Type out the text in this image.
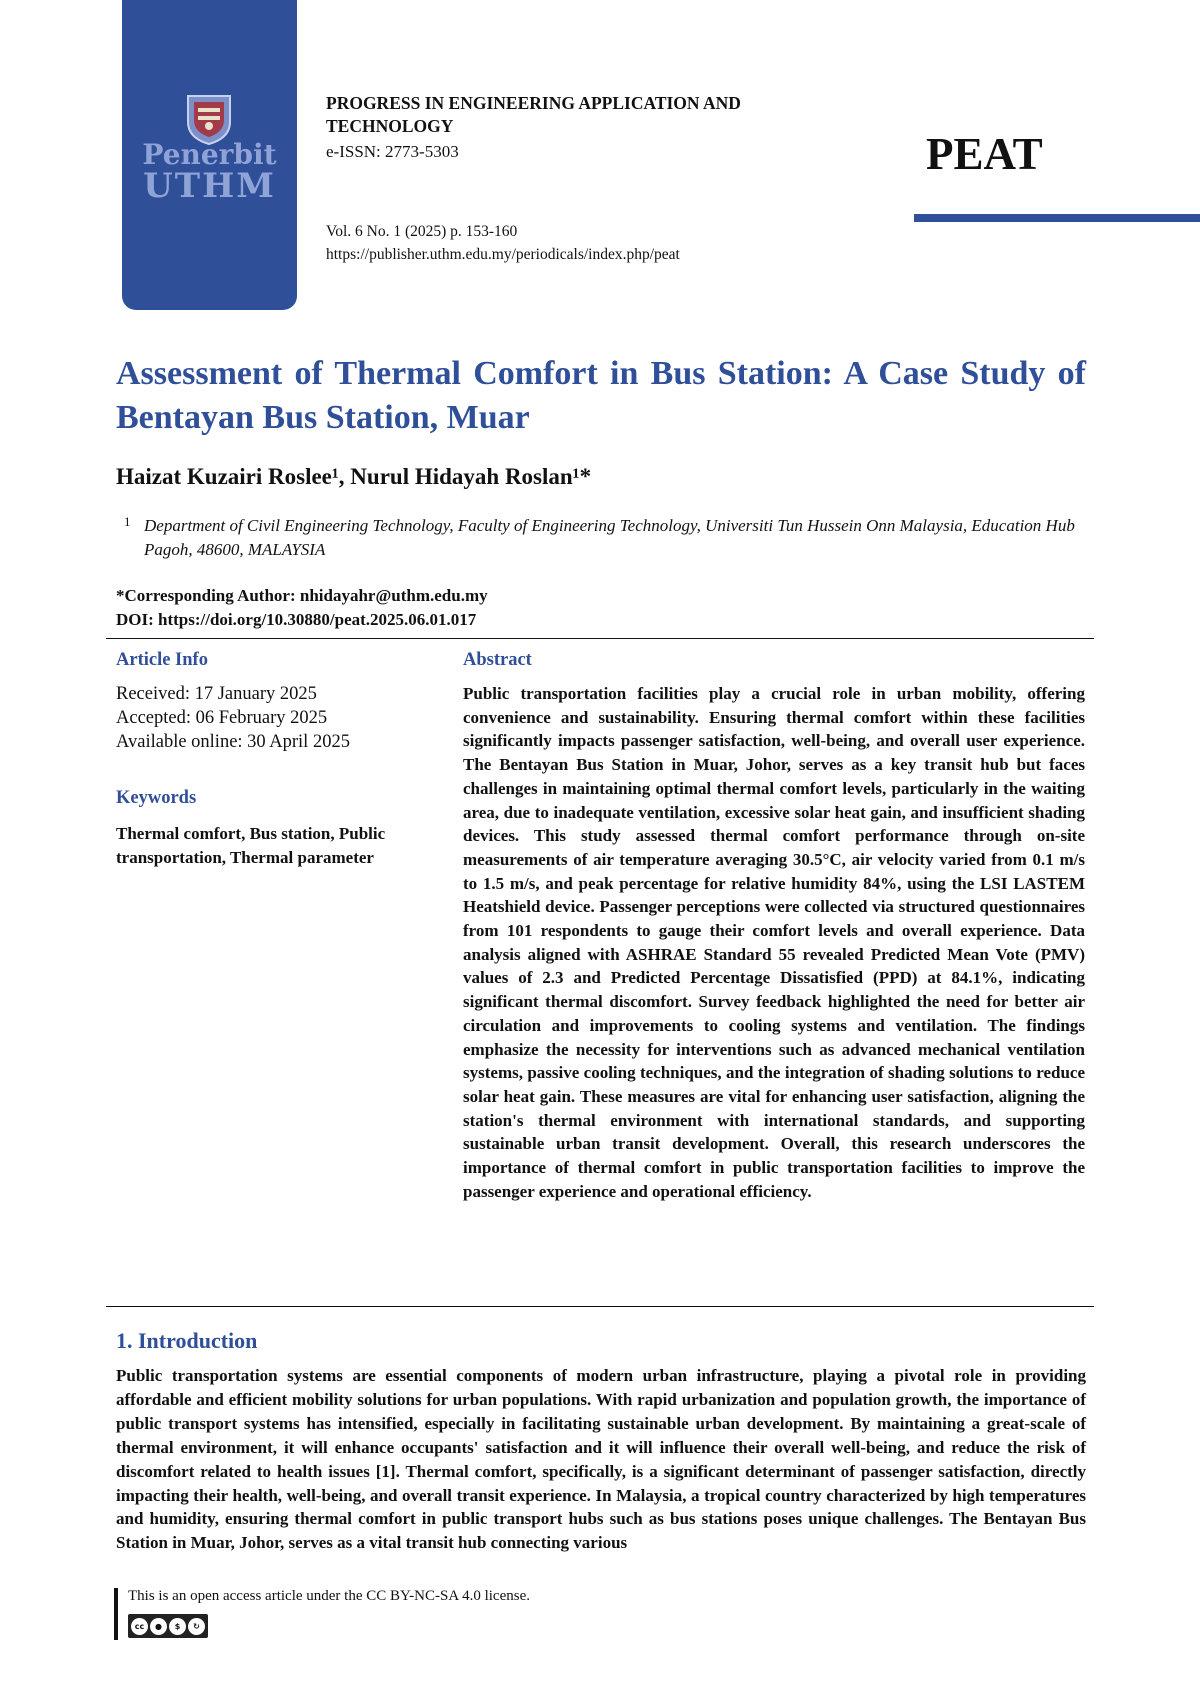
Penerbit
UTHM
PROGRESS IN ENGINEERING APPLICATION AND TECHNOLOGY
e-ISSN: 2773-5303	PEAT
Vol. 6 No. 1 (2025) p. 153-160
https://publisher.uthm.edu.my/periodicals/index.php/peat
Assessment of Thermal Comfort in Bus Station: A Case Study of Bentayan Bus Station, Muar
Haizat Kuzairi Roslee¹, Nurul Hidayah Roslan¹*
1 Department of Civil Engineering Technology, Faculty of Engineering Technology, Universiti Tun Hussein Onn Malaysia, Education Hub Pagoh, 48600, MALAYSIA
*Corresponding Author: nhidayahr@uthm.edu.my
DOI: https://doi.org/10.30880/peat.2025.06.01.017
Article Info
Received: 17 January 2025
Accepted: 06 February 2025
Available online: 30 April 2025
Keywords
Thermal comfort, Bus station, Public transportation, Thermal parameter
Abstract
Public transportation facilities play a crucial role in urban mobility, offering convenience and sustainability. Ensuring thermal comfort within these facilities significantly impacts passenger satisfaction, well-being, and overall user experience. The Bentayan Bus Station in Muar, Johor, serves as a key transit hub but faces challenges in maintaining optimal thermal comfort levels, particularly in the waiting area, due to inadequate ventilation, excessive solar heat gain, and insufficient shading devices. This study assessed thermal comfort performance through on-site measurements of air temperature averaging 30.5°C, air velocity varied from 0.1 m/s to 1.5 m/s, and peak percentage for relative humidity 84%, using the LSI LASTEM Heatshield device. Passenger perceptions were collected via structured questionnaires from 101 respondents to gauge their comfort levels and overall experience. Data analysis aligned with ASHRAE Standard 55 revealed Predicted Mean Vote (PMV) values of 2.3 and Predicted Percentage Dissatisfied (PPD) at 84.1%, indicating significant thermal discomfort. Survey feedback highlighted the need for better air circulation and improvements to cooling systems and ventilation. The findings emphasize the necessity for interventions such as advanced mechanical ventilation systems, passive cooling techniques, and the integration of shading solutions to reduce solar heat gain. These measures are vital for enhancing user satisfaction, aligning the station's thermal environment with international standards, and supporting sustainable urban transit development. Overall, this research underscores the importance of thermal comfort in public transportation facilities to improve the passenger experience and operational efficiency.
1. Introduction
Public transportation systems are essential components of modern urban infrastructure, playing a pivotal role in providing affordable and efficient mobility solutions for urban populations. With rapid urbanization and population growth, the importance of public transport systems has intensified, especially in facilitating sustainable urban development. By maintaining a great-scale of thermal environment, it will enhance occupants' satisfaction and it will influence their overall well-being, and reduce the risk of discomfort related to health issues [1]. Thermal comfort, specifically, is a significant determinant of passenger satisfaction, directly impacting their health, well-being, and overall transit experience. In Malaysia, a tropical country characterized by high temperatures and humidity, ensuring thermal comfort in public transport hubs such as bus stations poses unique challenges. The Bentayan Bus Station in Muar, Johor, serves as a vital transit hub connecting various
This is an open access article under the CC BY-NC-SA 4.0 license.
cc	●	$	↻
